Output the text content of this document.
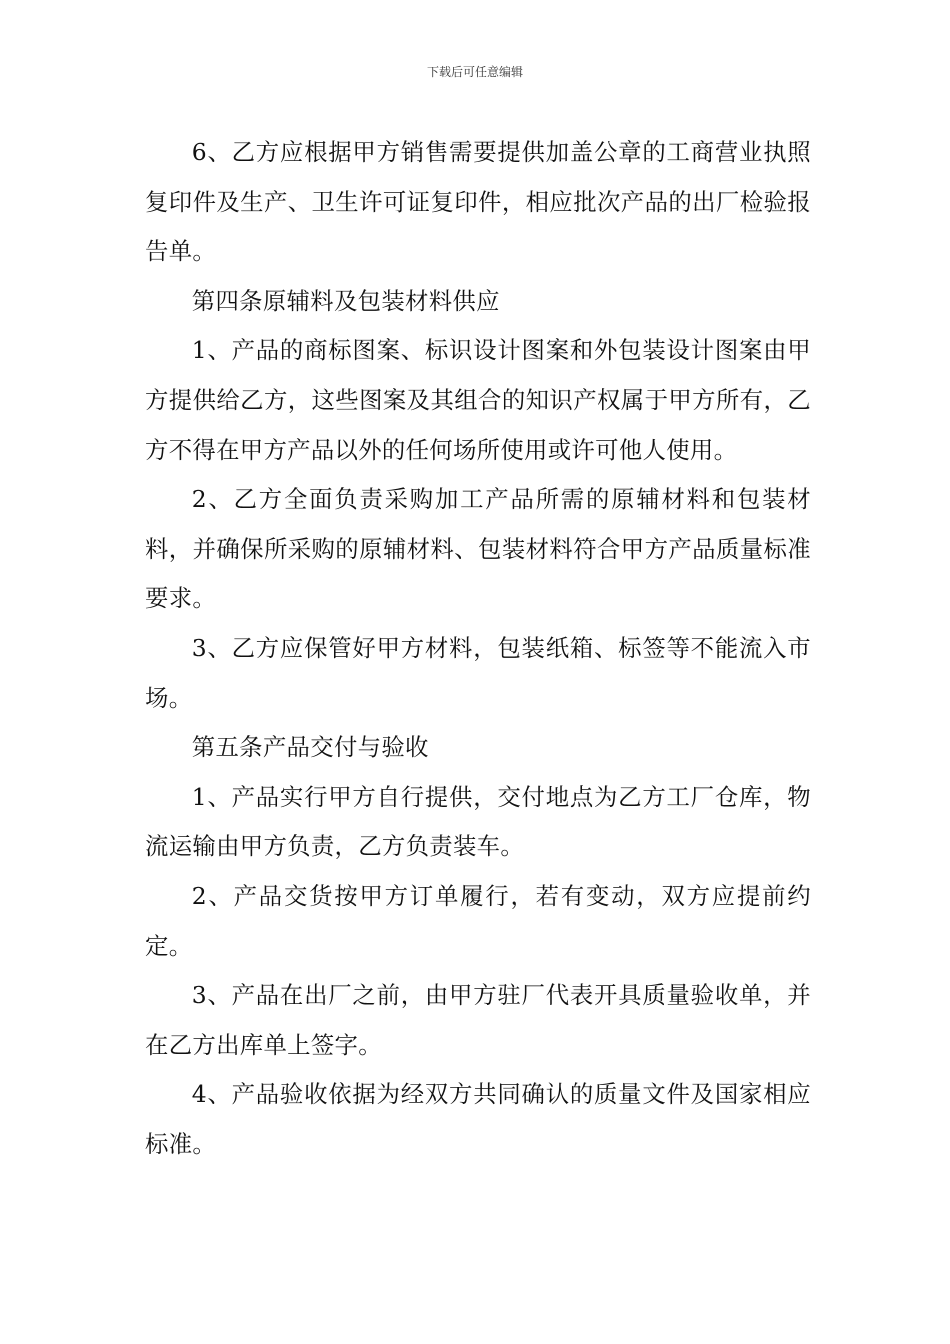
下载后可任意编辑

6、乙方应根据甲方销售需要提供加盖公章的工商营业执照复印件及生产、卫生许可证复印件，相应批次产品的出厂检验报告单。

第四条原辅料及包装材料供应

1、产品的商标图案、标识设计图案和外包装设计图案由甲方提供给乙方，这些图案及其组合的知识产权属于甲方所有，乙方不得在甲方产品以外的任何场所使用或许可他人使用。

2、乙方全面负责采购加工产品所需的原辅材料和包装材料，并确保所采购的原辅材料、包装材料符合甲方产品质量标准要求。

3、乙方应保管好甲方材料，包装纸箱、标签等不能流入市场。

第五条产品交付与验收

1、产品实行甲方自行提供，交付地点为乙方工厂仓库，物流运输由甲方负责，乙方负责装车。

2、产品交货按甲方订单履行，若有变动，双方应提前约定。

3、产品在出厂之前，由甲方驻厂代表开具质量验收单，并在乙方出库单上签字。

4、产品验收依据为经双方共同确认的质量文件及国家相应标准。
